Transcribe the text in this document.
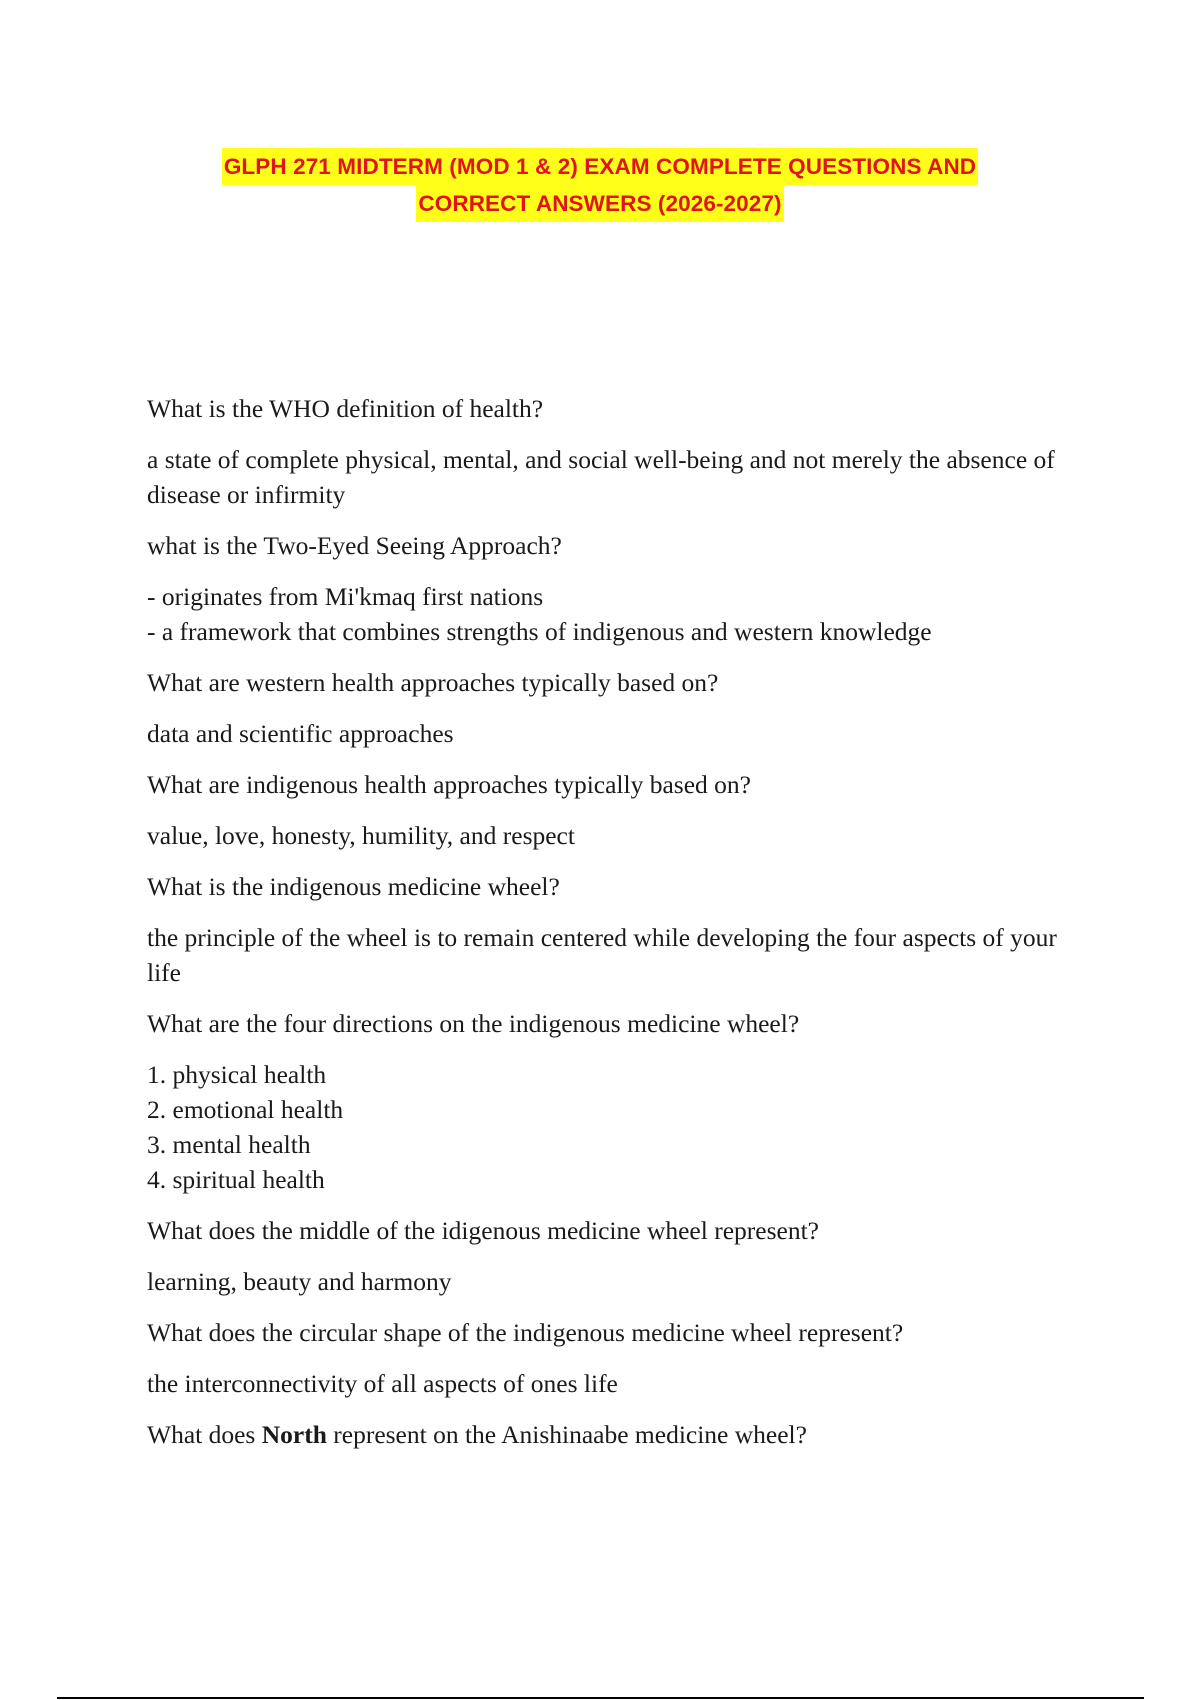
GLPH 271 MIDTERM (MOD 1 & 2) EXAM COMPLETE QUESTIONS AND
CORRECT ANSWERS (2026-2027)

What is the WHO definition of health?

a state of complete physical, mental, and social well-being and not merely the absence of disease or infirmity

what is the Two-Eyed Seeing Approach?

- originates from Mi'kmaq first nations
- a framework that combines strengths of indigenous and western knowledge

What are western health approaches typically based on?

data and scientific approaches

What are indigenous health approaches typically based on?

value, love, honesty, humility, and respect

What is the indigenous medicine wheel?

the principle of the wheel is to remain centered while developing the four aspects of your life

What are the four directions on the indigenous medicine wheel?

1. physical health
2. emotional health
3. mental health
4. spiritual health

What does the middle of the idigenous medicine wheel represent?

learning, beauty and harmony

What does the circular shape of the indigenous medicine wheel represent?

the interconnectivity of all aspects of ones life

What does North represent on the Anishinaabe medicine wheel?
